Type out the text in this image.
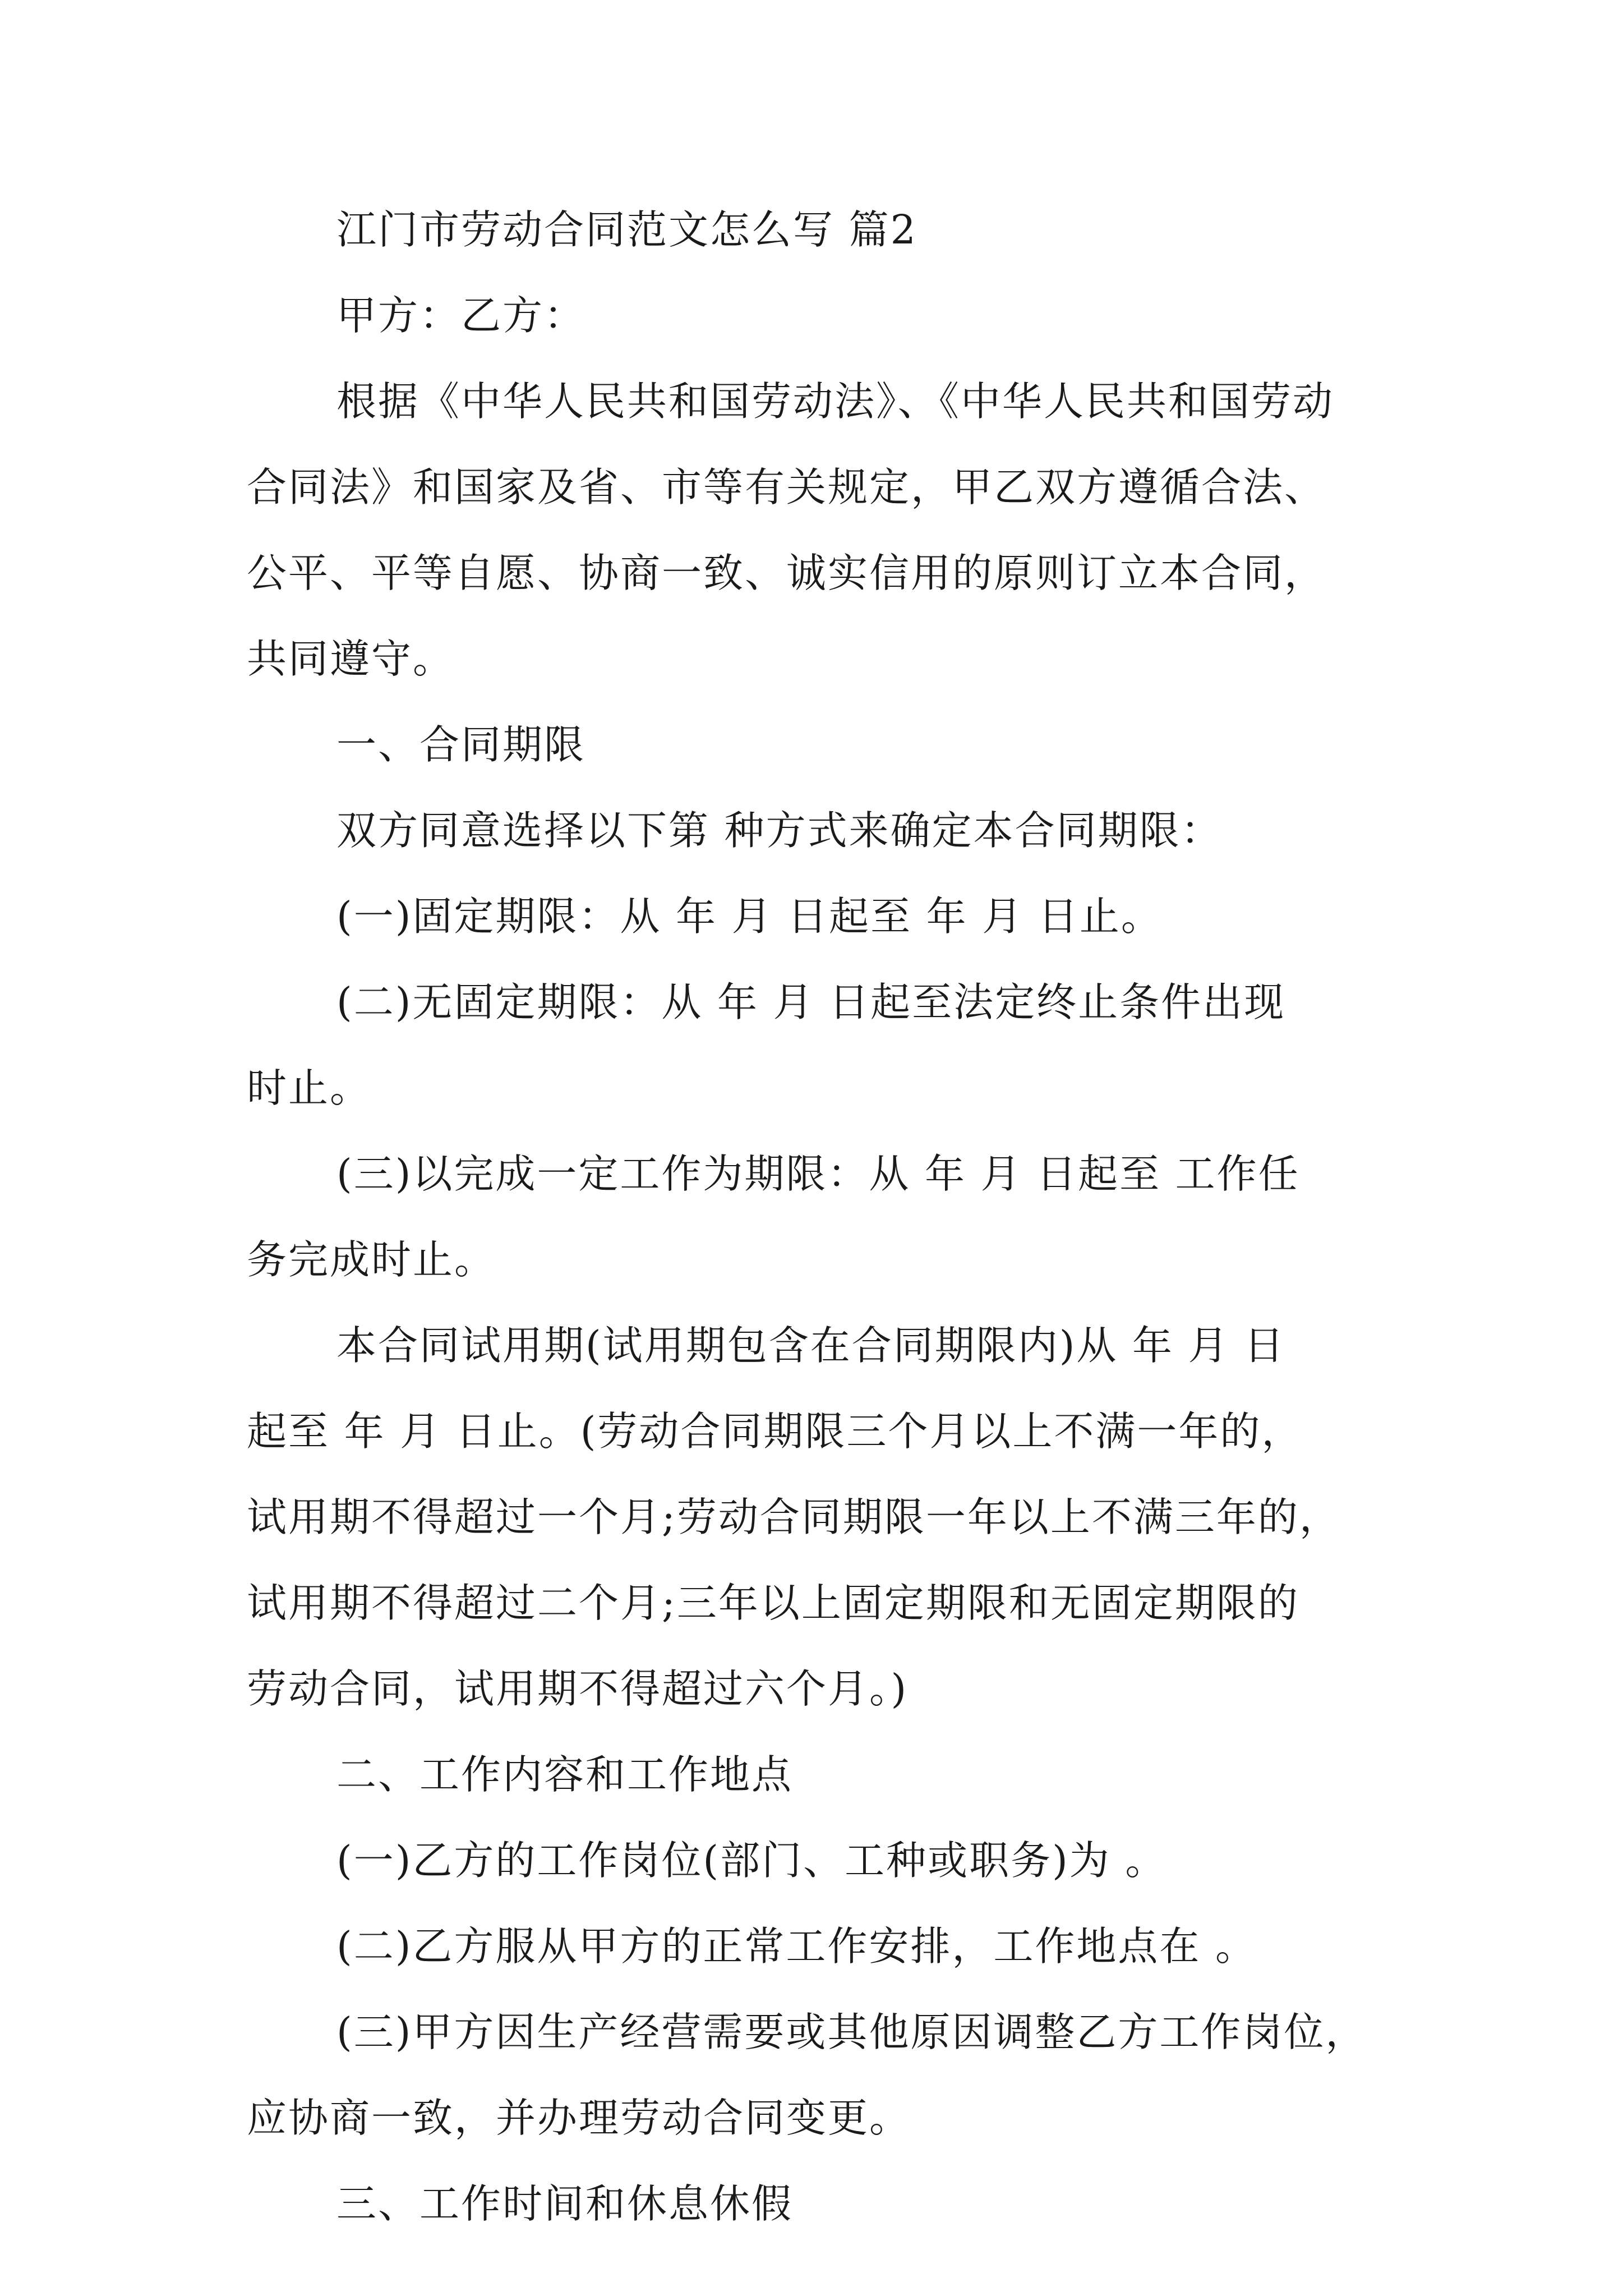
江门市劳动合同范文怎么写 篇2
甲方：乙方：
根据《中华人民共和国劳动法》、《中华人民共和国劳动
合同法》和国家及省、市等有关规定，甲乙双方遵循合法、
公平、平等自愿、协商一致、诚实信用的原则订立本合同，
共同遵守。
一、合同期限
双方同意选择以下第 种方式来确定本合同期限：
(一)固定期限：从 年 月 日起至 年 月 日止。
(二)无固定期限：从 年 月 日起至法定终止条件出现
时止。
(三)以完成一定工作为期限：从 年 月 日起至 工作任
务完成时止。
本合同试用期(试用期包含在合同期限内)从 年 月 日
起至 年 月 日止。(劳动合同期限三个月以上不满一年的，
试用期不得超过一个月;劳动合同期限一年以上不满三年的，
试用期不得超过二个月;三年以上固定期限和无固定期限的
劳动合同，试用期不得超过六个月。)
二、工作内容和工作地点
(一)乙方的工作岗位(部门、工种或职务)为 。
(二)乙方服从甲方的正常工作安排，工作地点在 。
(三)甲方因生产经营需要或其他原因调整乙方工作岗位，
应协商一致，并办理劳动合同变更。
三、工作时间和休息休假
